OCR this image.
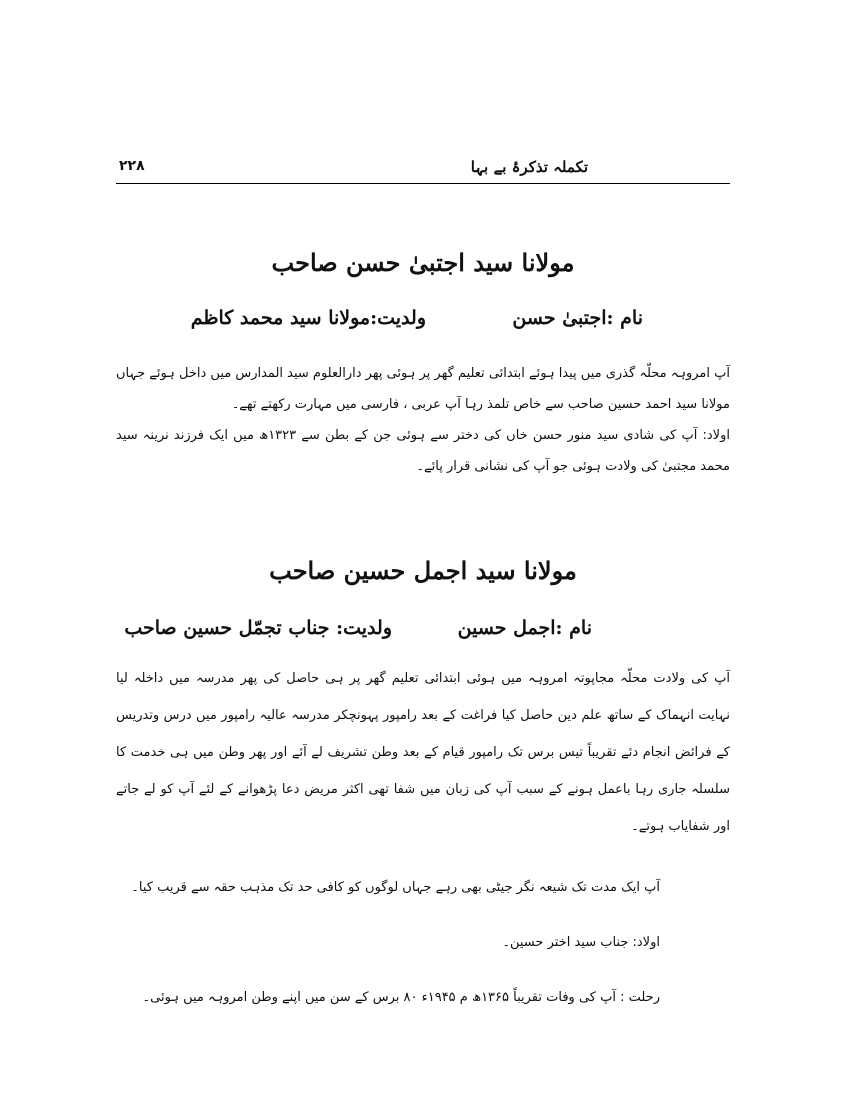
تکملہ تذکرۂ بے بہا
۲۲۸
مولانا سید اجتبیٰ حسن صاحب
نام :اجتبیٰ حسن
ولدیت:مولانا سید محمد کاظم
آپ امروہہ محلّہ گذری میں پیدا ہوئے ابتدائی تعلیم گھر پر ہوئی پھر دارالعلوم سید المدارس میں داخل ہوئے جہاں مولانا سید احمد حسین صاحب سے خاص تلمذ رہا آپ عربی ، فارسی میں مہارت رکھتے تھے۔
اولاد: آپ کی شادی سید منور حسن خاں کی دختر سے ہوئی جن کے بطن سے ۱۳۲۳ھ میں ایک فرزند نرینہ سید محمد مجتبیٰ کی ولادت ہوئی جو آپ کی نشانی قرار پائے۔
مولانا سید اجمل حسین صاحب
نام :اجمل حسین
ولدیت: جناب تجمّل حسین صاحب
آپ کی ولادت محلّہ مجاپوتہ امروہہ میں ہوئی ابتدائی تعلیم گھر پر ہی حاصل کی پھر مدرسہ میں داخلہ لیا نہایت انہماک کے ساتھ علم دین حاصل کیا فراغت کے بعد رامپور پہونچکر مدرسہ عالیہ رامپور میں درس وتدریس کے فرائض انجام دئے تقریباً تیس برس تک رامپور قیام کے بعد وطن تشریف لے آئے اور پھر وطن میں ہی خدمت کا سلسلہ جاری رہا باعمل ہونے کے سبب آپ کی زبان میں شفا تھی اکثر مریض دعا پڑھوانے کے لئے آپ کو لے جاتے اور شفایاب ہوتے۔
آپ ایک مدت تک شیعہ نگر جیٹی بھی رہے جہاں لوگوں کو کافی حد تک مذہب حقہ سے قریب کیا۔
اولاد: جناب سید اختر حسین۔
رحلت : آپ کی وفات تقریباً ۱۳۶۵ھ م ۱۹۴۵ء ۸۰ برس کے سن میں اپنے وطن امروہہ میں ہوئی۔
